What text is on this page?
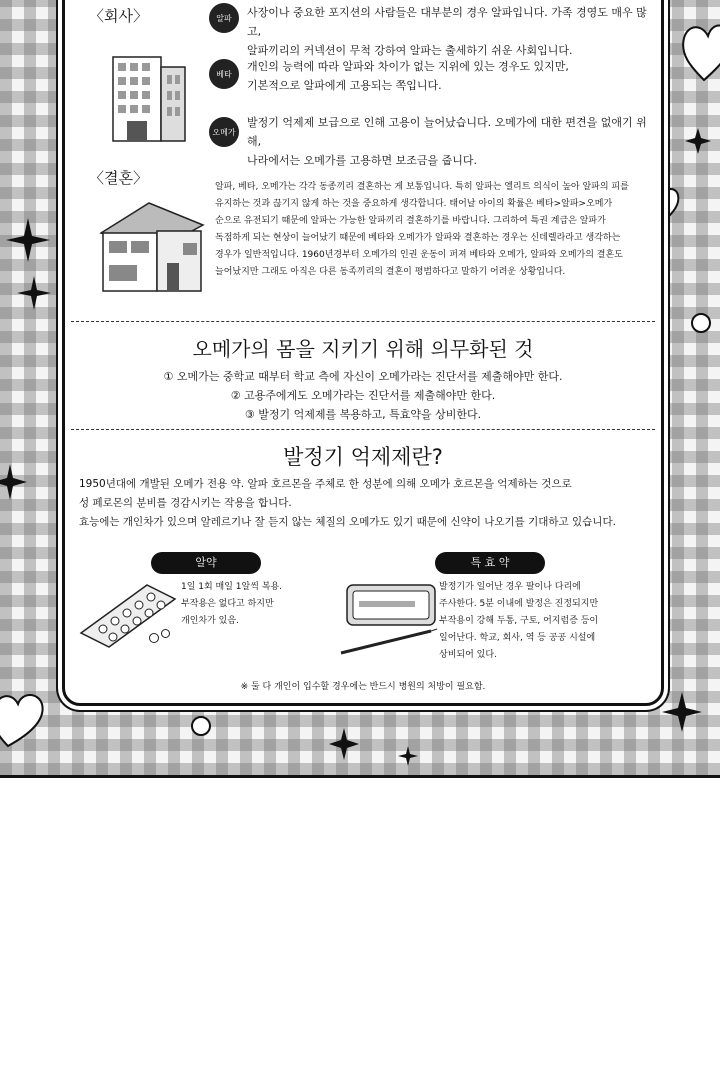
〈회사〉	알파	사장이나 중요한 포지션의 사람들은 대부분의 경우 알파입니다. 가족 경영도 매우 많고,
알파끼리의 커넥션이 무척 강하여 알파는 출세하기 쉬운 사회입니다.
베타
개인의 능력에 따라 알파와 차이가 없는 지위에 있는 경우도 있지만,
기본적으로 알파에게 고용되는 쪽입니다.
오메가
발정기 억제제 보급으로 인해 고용이 늘어났습니다. 오메가에 대한 편견을 없애기 위해,
나라에서는 오메가를 고용하면 보조금을 줍니다.
〈결혼〉	알파, 베타, 오메가는 각각 동종끼리 결혼하는 게 보통입니다. 특히 알파는 엘리트 의식이 높아 알파의 피를
유지하는 것과 끊기지 않게 하는 것을 중요하게 생각합니다. 태어날 아이의 확률은 베타>알파>오메가
순으로 유전되기 때문에 알파는 가능한 알파끼리 결혼하기를 바랍니다. 그리하여 특권 계급은 알파가
독점하게 되는 현상이 늘어났기 때문에 베타와 오메가가 알파와 결혼하는 경우는 신데렐라라고 생각하는
경우가 일반적입니다. 1960년경부터 오메가의 인권 운동이 퍼져 베타와 오메가, 알파와 오메가의 결혼도
늘어났지만 그래도 아직은 다른 동족끼리의 결혼이 평범하다고 말하기 어려운 상황입니다.
오메가의 몸을 지키기 위해 의무화된 것
① 오메가는 중학교 때부터 학교 측에 자신이 오메가라는 진단서를 제출해야만 한다.
② 고용주에게도 오메가라는 진단서를 제출해야만 한다.
③ 발정기 억제제를 복용하고, 특효약을 상비한다.
발정기 억제제란?
1950년대에 개발된 오메가 전용 약. 알파 호르몬을 주체로 한 성분에 의해 오메가 호르몬을 억제하는 것으로
성 페로몬의 분비를 경감시키는 작용을 합니다.
효능에는 개인차가 있으며 알레르기나 잘 듣지 않는 체질의 오메가도 있기 때문에 신약이 나오기를 기대하고 있습니다.
알약
1일 1회 매일 1알씩 복용.
부작용은 없다고 하지만
개인차가 있음.
특 효 약
발정기가 일어난 경우 팔이나 다리에
주사한다. 5분 이내에 발정은 진정되지만
부작용이 강해 두통, 구토, 어지럼증 등이
일어난다. 학교, 회사, 역 등 공공 시설에
상비되어 있다.
※ 둘 다 개인이 입수할 경우에는 반드시 병원의 처방이 필요함.
